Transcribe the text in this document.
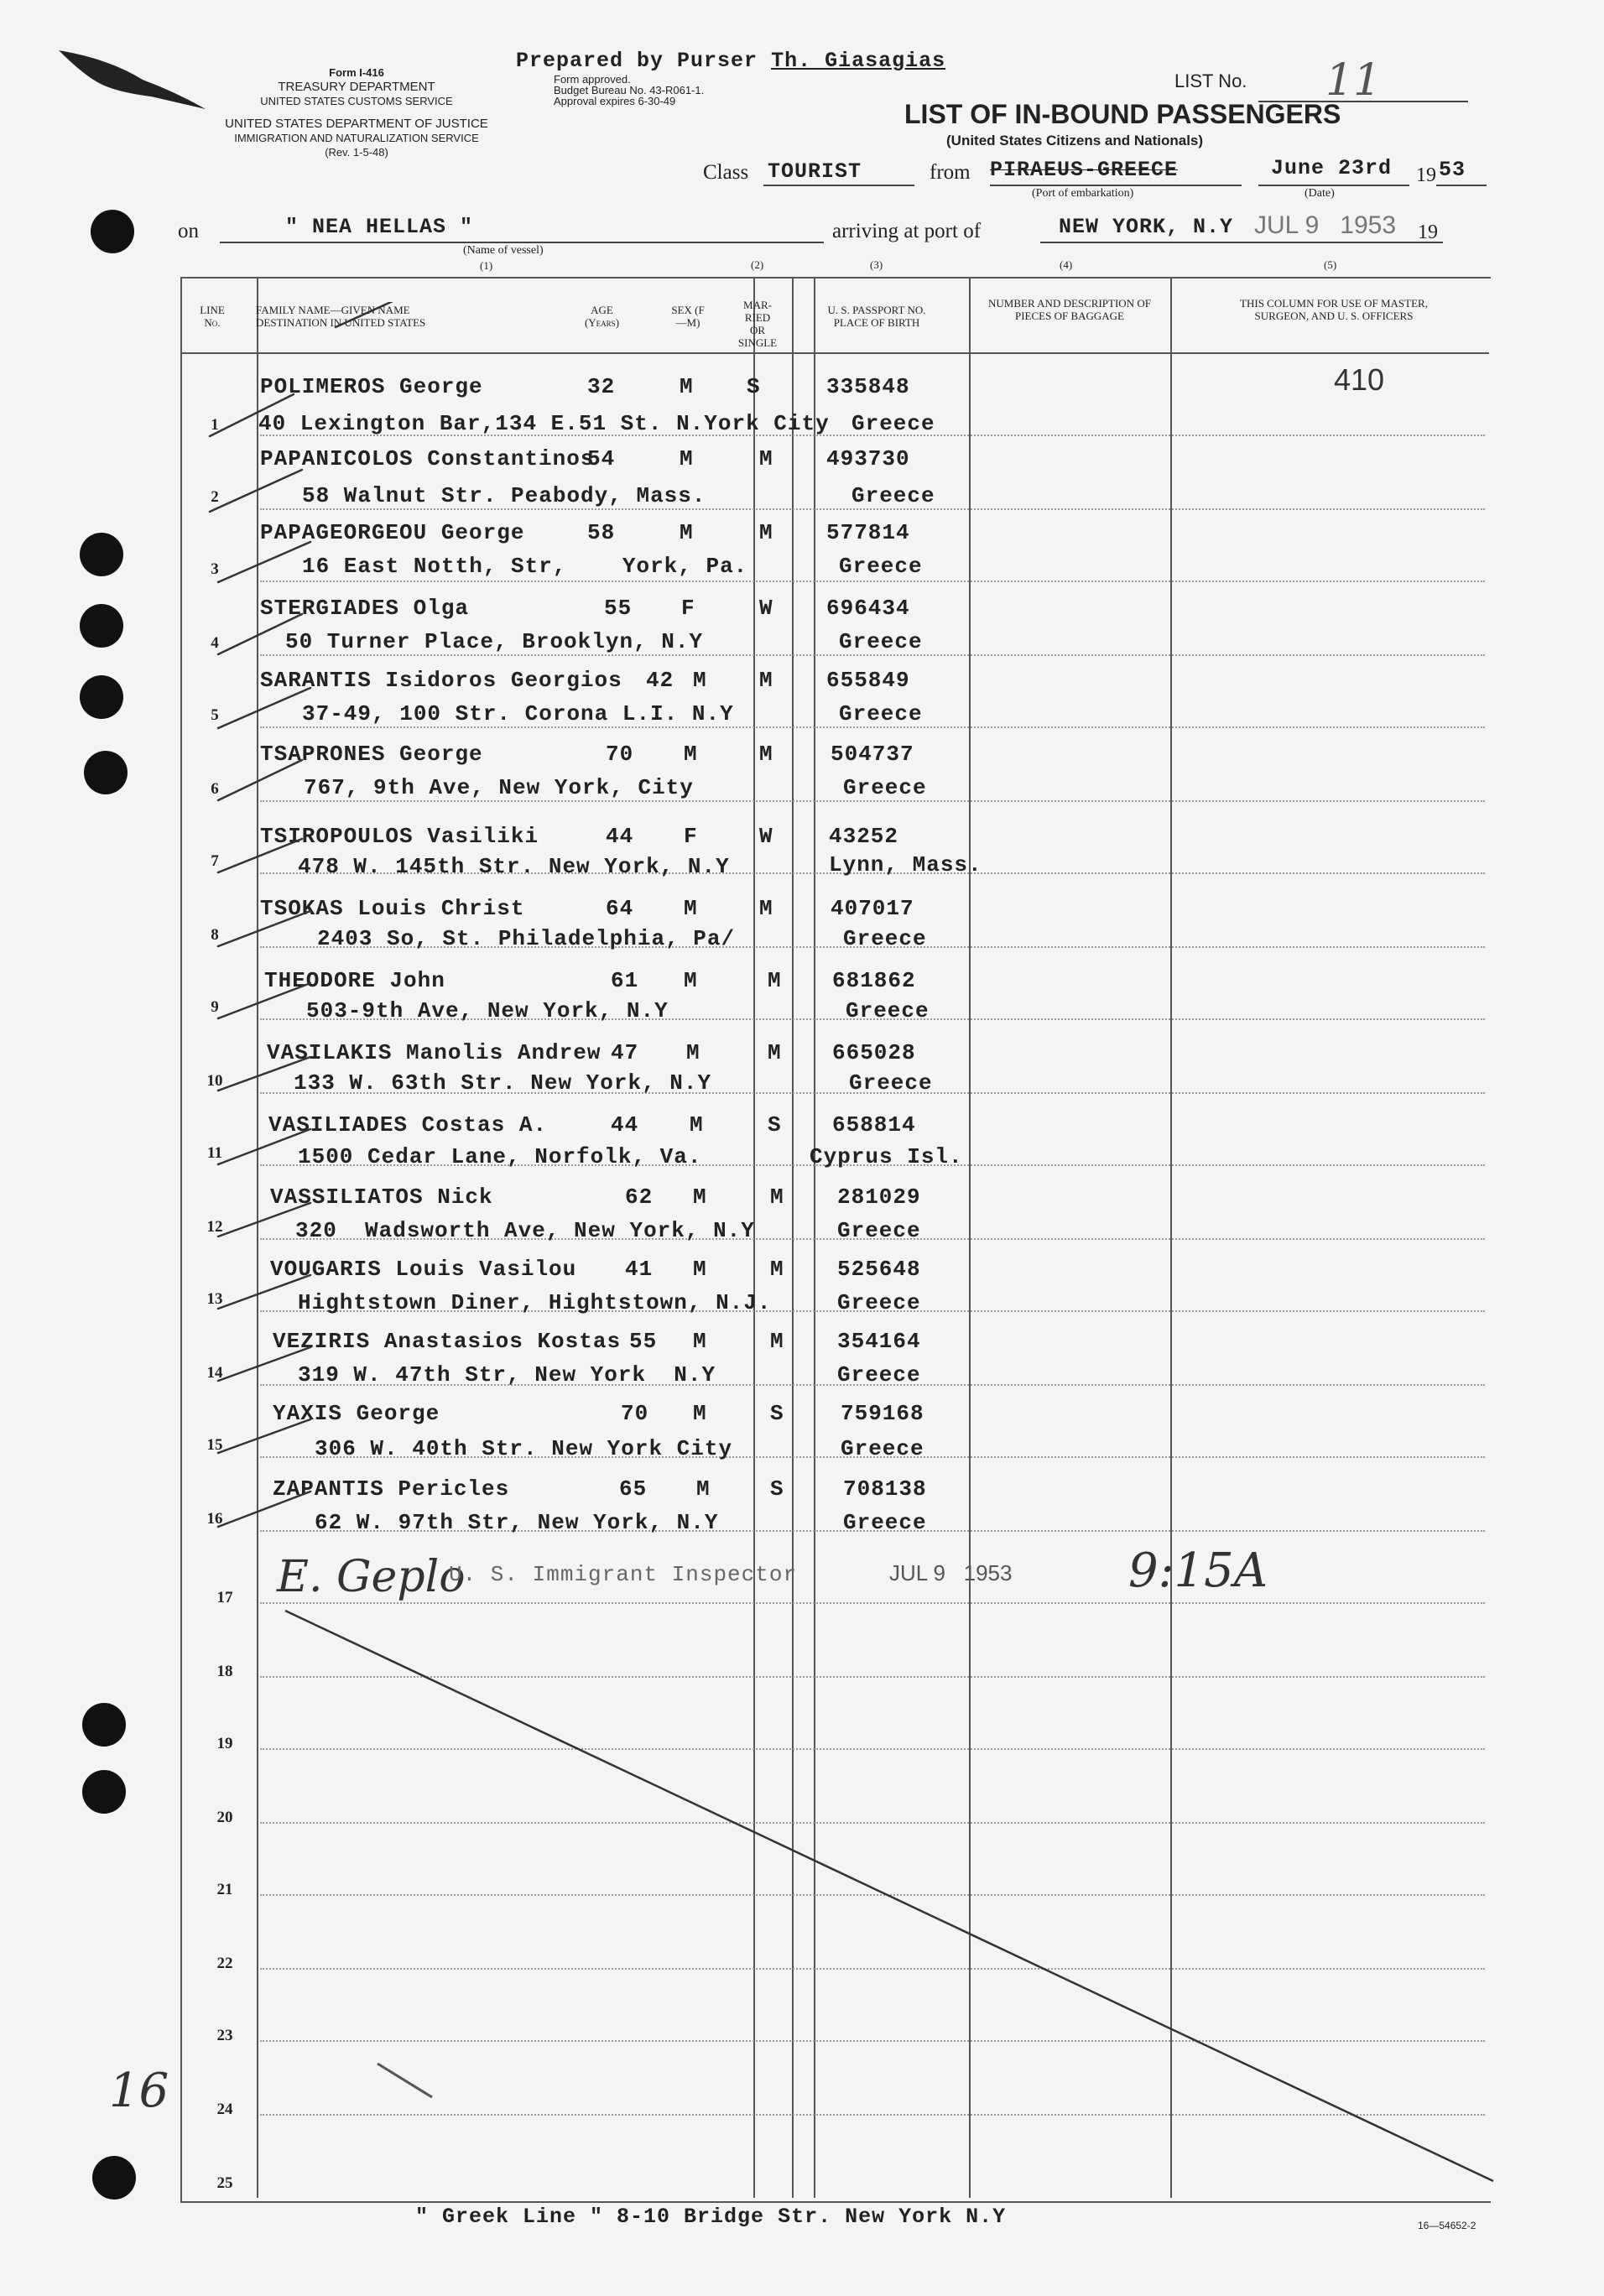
Form I-416
TREASURY DEPARTMENT
UNITED STATES CUSTOMS SERVICE
UNITED STATES DEPARTMENT OF JUSTICE
IMMIGRATION AND NATURALIZATION SERVICE
(Rev. 1-5-48)
Prepared by Purser Th. Giasagias
Form approved.
Budget Bureau No. 43-R061-1.
Approval expires 6-30-49
LIST No. 11
LIST OF IN-BOUND PASSENGERS
(United States Citizens and Nationals)
Class TOURIST	from PIRAEUS-GREECE
(Port of embarkation)
June 23rd
(Date)
19 53
on	" NEA HELLAS "
(Name of vessel)
(1)
arriving at port of	NEW YORK, N.Y JUL 9   1953 19
(2)	(3)	(4)	(5)
LINE No.
FAMILY NAME—GIVEN NAME
DESTINATION IN UNITED STATES
AGE (Years)
SEX (F—M)
MAR- RIED OR SINGLE
U. S. PASSPORT NO. PLACE OF BIRTH
NUMBER AND DESCRIPTION OF PIECES OF BAGGAGE
THIS COLUMN FOR USE OF MASTER, SURGEON, AND U. S. OFFICERS
410
1
POLIMEROS George	32	M S	335848
40 Lexington Bar,134 E.51 St. N.York City Greece
2
PAPANICOLOS Constantinos
54	M	M 493730
58 Walnut Str. Peabody, Mass.	Greece
3
PAPAGEORGEOU George	58	M	M 577814
16 East Notth, Str,    York, Pa.	Greece
4
STERGIADES Olga	55 F	W 696434
50 Turner Place, Brooklyn, N.Y	Greece
5
SARANTIS Isidoros Georgios 42 M M 655849
37-49, 100 Str. Corona L.I. N.Y	Greece
6
TSAPRONES George	70 M	M	504737
767, 9th Ave, New York, City	Greece
7
TSIROPOULOS Vasiliki	44 F	W	43252
478 W. 145th Str. New York, N.Y	Lynn, Mass.
8
TSOKAS Louis Christ	64 M	M	407017
2403 So, St. Philadelphia, Pa/	Greece
9
THEODORE John	61 M	M 681862
503-9th Ave, New York, N.Y	Greece
10
VASILAKIS Manolis Andrew 47 M	M 665028
133 W. 63th Str. New York, N.Y	Greece
11
VASILIADES Costas A.	44 M	S 658814
1500 Cedar Lane, Norfolk, Va.	Cyprus Isl.
12
VASSILIATOS Nick	62 M	M 281029
320  Wadsworth Ave, New York, N.Y	Greece
13
VOUGARIS Louis Vasilou 41 M	M 525648
Hightstown Diner, Hightstown, N.J.	Greece
14
VEZIRIS Anastasios Kostas 55 M	M 354164
319 W. 47th Str, New York  N.Y	Greece
15
YAXIS George	70 M	S	759168
306 W. 40th Str. New York City	Greece
16
ZAPANTIS Pericles	65 M	S	708138
62 W. 97th Str, New York, N.Y	Greece
17
18
19
20
21
22
23
24
25
E. Geplo
U. S. Immigrant Inspector	JUL 9   1953 9:15A
16
" Greek Line " 8-10 Bridge Str. New York N.Y	16—54652-2
